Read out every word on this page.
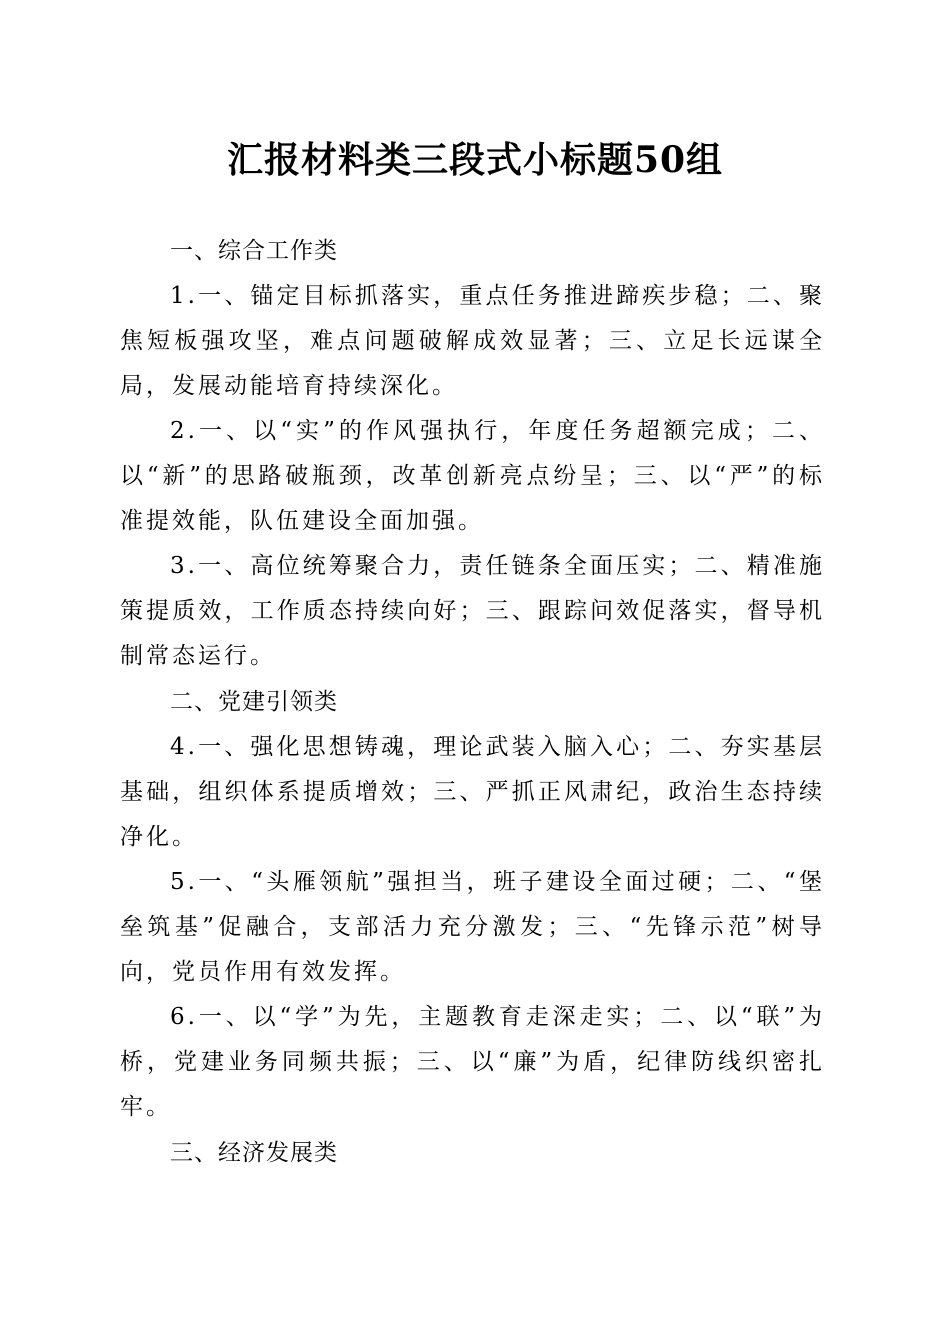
汇报材料类三段式小标题50组

一、综合工作类

1.一、锚定目标抓落实，重点任务推进蹄疾步稳；二、聚焦短板强攻坚，难点问题破解成效显著；三、立足长远谋全局，发展动能培育持续深化。

2.一、以“实”的作风强执行，年度任务超额完成；二、以“新”的思路破瓶颈，改革创新亮点纷呈；三、以“严”的标准提效能，队伍建设全面加强。

3.一、高位统筹聚合力，责任链条全面压实；二、精准施策提质效，工作质态持续向好；三、跟踪问效促落实，督导机制常态运行。

二、党建引领类

4.一、强化思想铸魂，理论武装入脑入心；二、夯实基层基础，组织体系提质增效；三、严抓正风肃纪，政治生态持续净化。

5.一、“头雁领航”强担当，班子建设全面过硬；二、“堡垒筑基”促融合，支部活力充分激发；三、“先锋示范”树导向，党员作用有效发挥。

6.一、以“学”为先，主题教育走深走实；二、以“联”为桥，党建业务同频共振；三、以“廉”为盾，纪律防线织密扎牢。

三、经济发展类
